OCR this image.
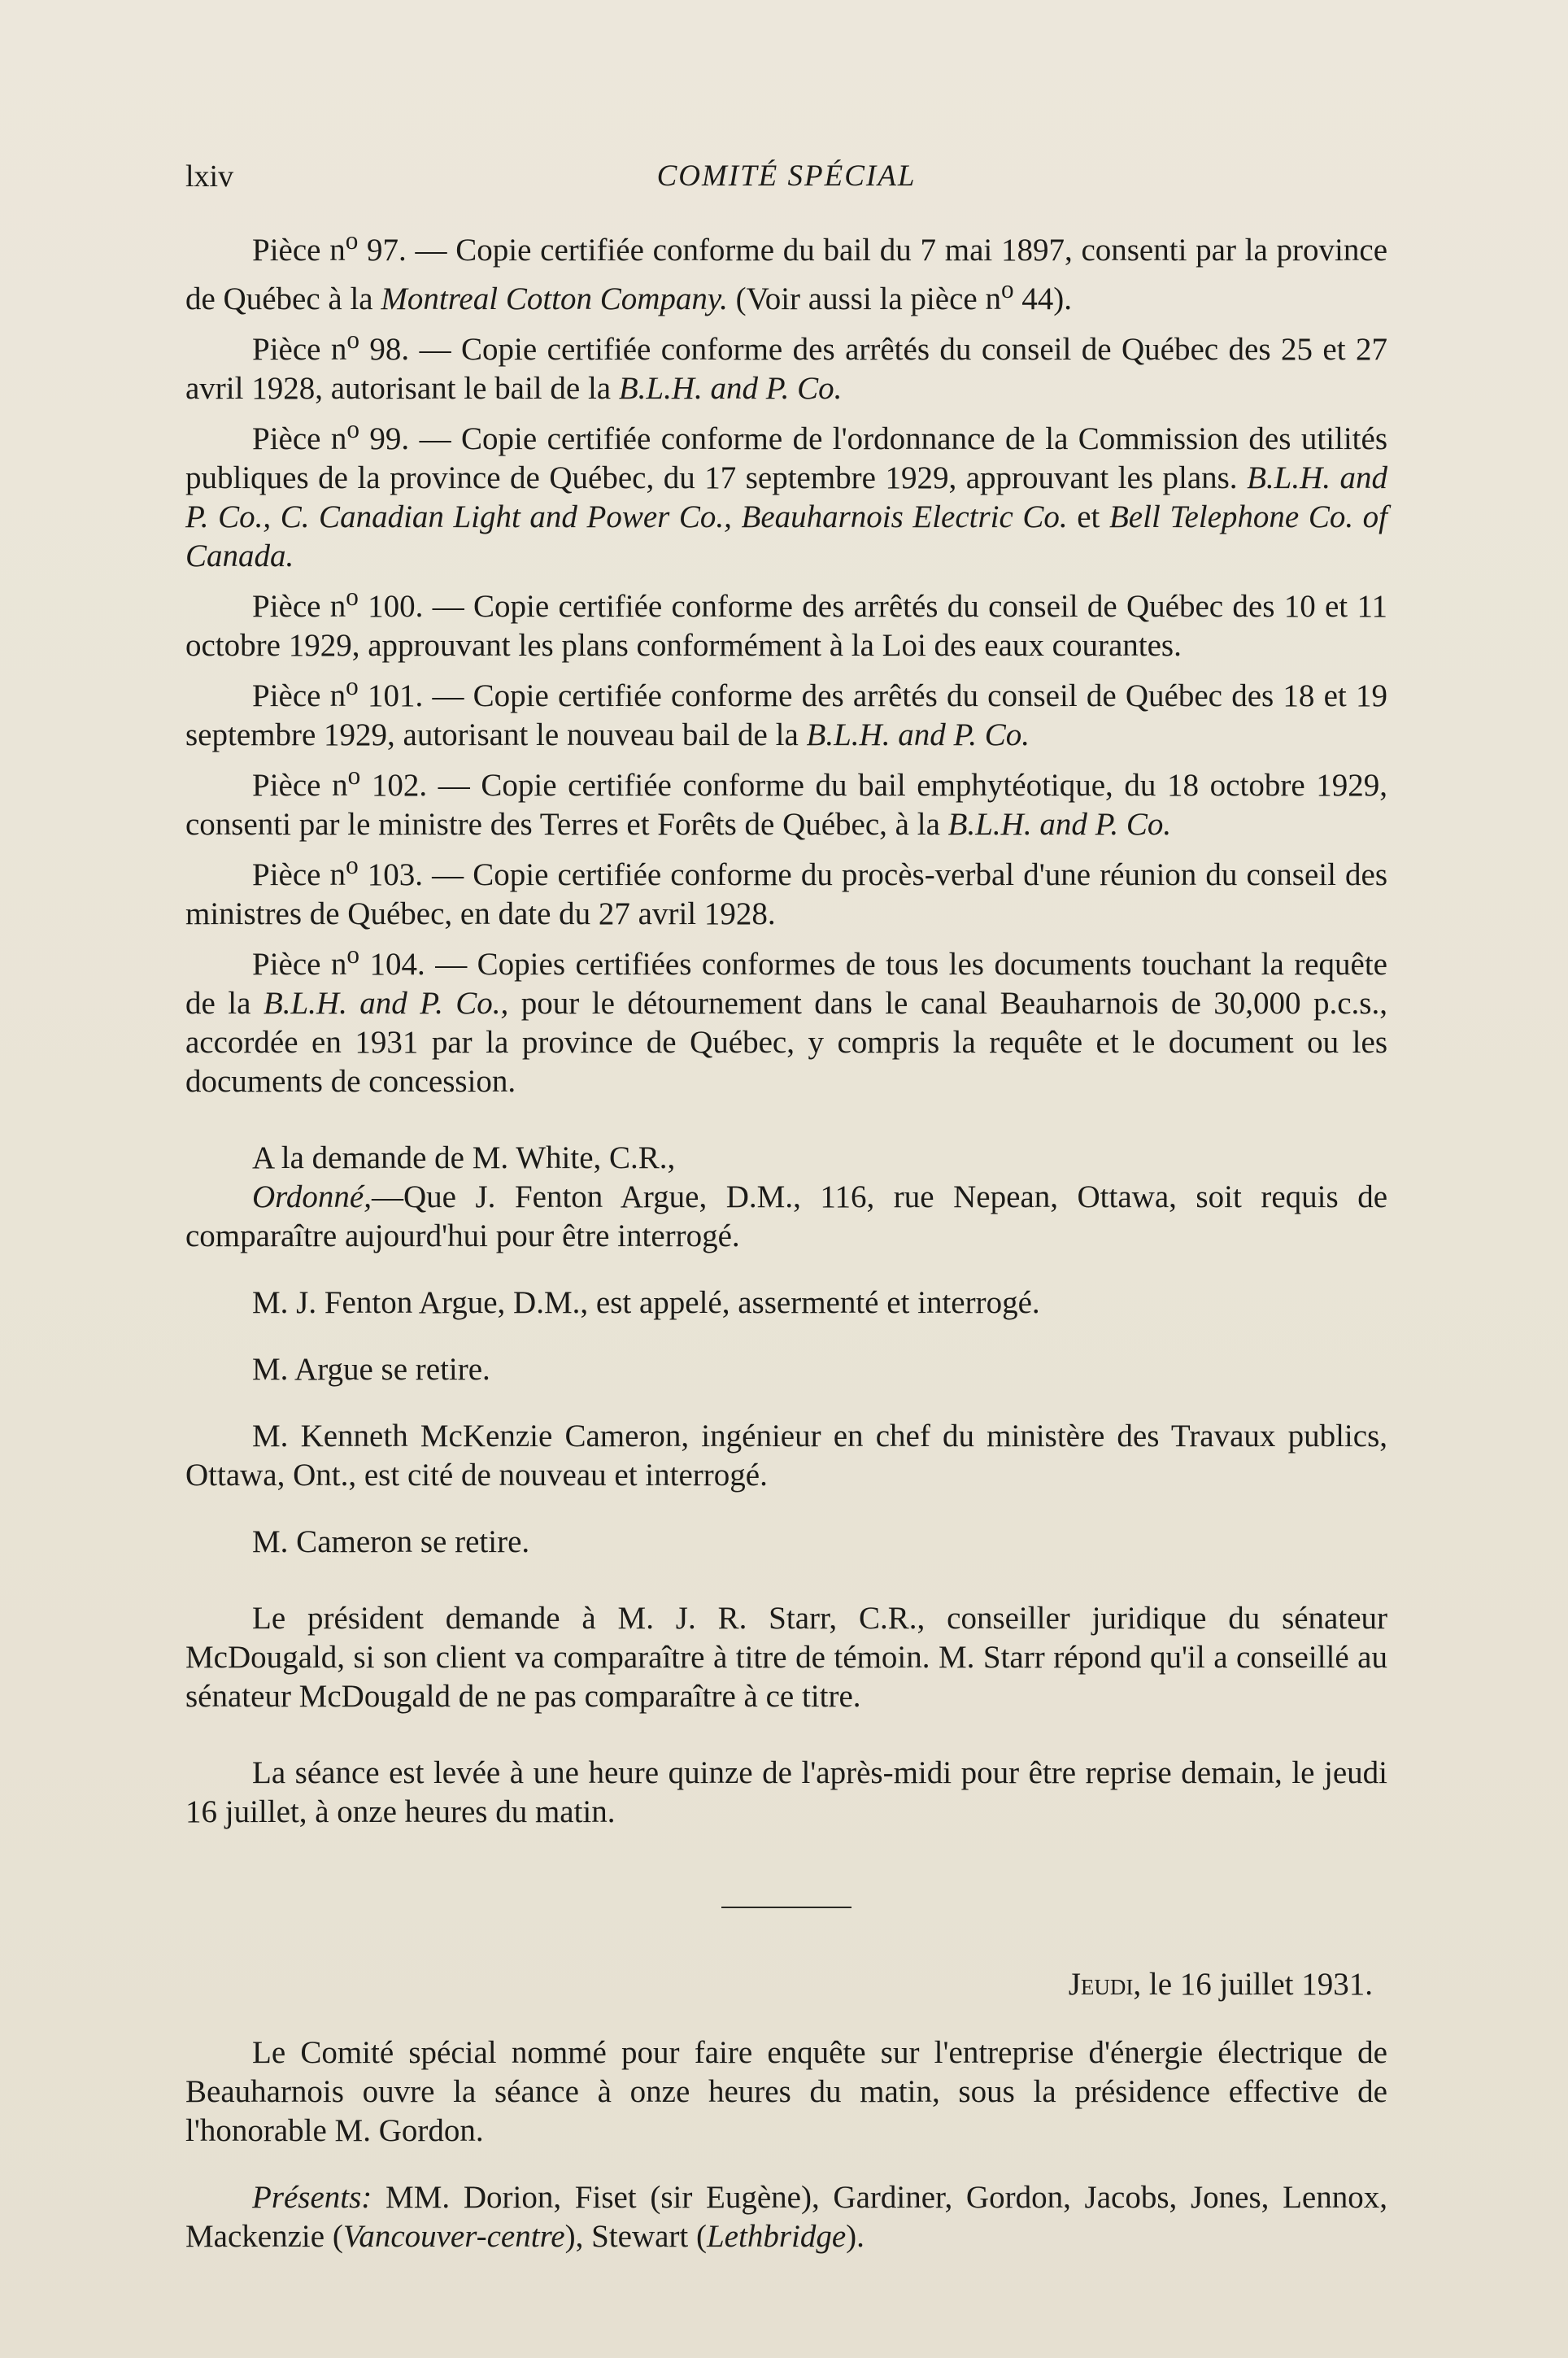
lxiv	COMITÉ SPÉCIAL

Pièce $n^o$ 97. — Copie certifiée conforme du bail du 7 mai 1897, consenti par la province de Québec à la Montreal Cotton Company. (Voir aussi la pièce $n^o$ 44).

Pièce $n^o$ 98. — Copie certifiée conforme des arrêtés du conseil de Québec des 25 et 27 avril 1928, autorisant le bail de la B.L.H. and P. Co.

Pièce $n^o$ 99. — Copie certifiée conforme de l'ordonnance de la Commission des utilités publiques de la province de Québec, du 17 septembre 1929, approuvant les plans. B.L.H. and P. Co., C. Canadian Light and Power Co., Beauharnois Electric Co. et Bell Telephone Co. of Canada.

Pièce $n^o$ 100. — Copie certifiée conforme des arrêtés du conseil de Québec des 10 et 11 octobre 1929, approuvant les plans conformément à la Loi des eaux courantes.

Pièce $n^o$ 101. — Copie certifiée conforme des arrêtés du conseil de Québec des 18 et 19 septembre 1929, autorisant le nouveau bail de la B.L.H. and P. Co.

Pièce $n^o$ 102. — Copie certifiée conforme du bail emphytéotique, du 18 octobre 1929, consenti par le ministre des Terres et Forêts de Québec, à la B.L.H. and P. Co.

Pièce $n^o$ 103. — Copie certifiée conforme du procès-verbal d'une réunion du conseil des ministres de Québec, en date du 27 avril 1928.

Pièce $n^o$ 104. — Copies certifiées conformes de tous les documents touchant la requête de la B.L.H. and P. Co., pour le détournement dans le canal Beauharnois de 30,000 p.c.s., accordée en 1931 par la province de Québec, y compris la requête et le document ou les documents de concession.

A la demande de M. White, C.R.,

Ordonné,—Que J. Fenton Argue, D.M., 116, rue Nepean, Ottawa, soit requis de comparaître aujourd'hui pour être interrogé.

M. J. Fenton Argue, D.M., est appelé, assermenté et interrogé.

M. Argue se retire.

M. Kenneth McKenzie Cameron, ingénieur en chef du ministère des Travaux publics, Ottawa, Ont., est cité de nouveau et interrogé.

M. Cameron se retire.

Le président demande à M. J. R. Starr, C.R., conseiller juridique du sénateur McDougald, si son client va comparaître à titre de témoin. M. Starr répond qu'il a conseillé au sénateur McDougald de ne pas comparaître à ce titre.

La séance est levée à une heure quinze de l'après-midi pour être reprise demain, le jeudi 16 juillet, à onze heures du matin.

Jeudi, le 16 juillet 1931.

Le Comité spécial nommé pour faire enquête sur l'entreprise d'énergie électrique de Beauharnois ouvre la séance à onze heures du matin, sous la présidence effective de l'honorable M. Gordon.

Présents: MM. Dorion, Fiset (sir Eugène), Gardiner, Gordon, Jacobs, Jones, Lennox, Mackenzie (Vancouver-centre), Stewart (Lethbridge).
